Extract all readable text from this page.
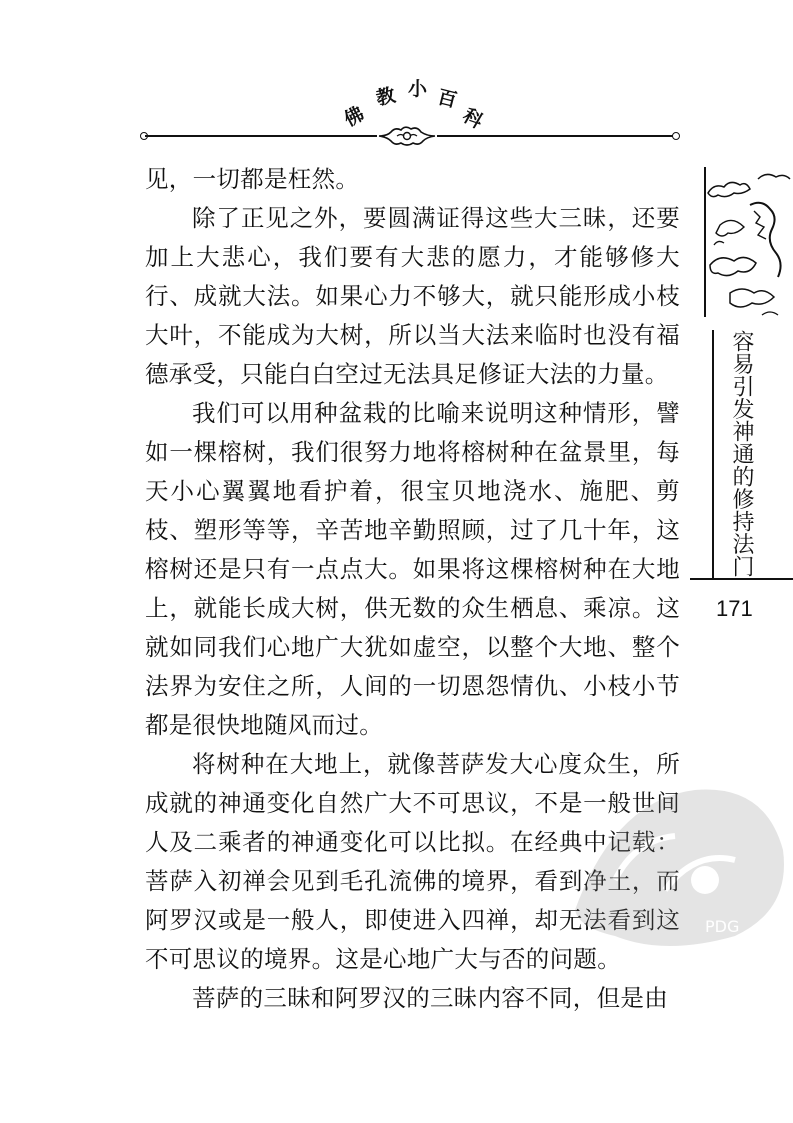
佛
教 小 百
科

见，一切都是枉然。

除了正见之外，要圆满证得这些大三昧，还要加上大悲心，我们要有大悲的愿力，才能够修大行、成就大法。如果心力不够大，就只能形成小枝大叶，不能成为大树，所以当大法来临时也没有福德承受，只能白白空过无法具足修证大法的力量。

我们可以用种盆栽的比喻来说明这种情形，譬如一棵榕树，我们很努力地将榕树种在盆景里，每天小心翼翼地看护着，很宝贝地浇水、施肥、剪枝、塑形等等，辛苦地辛勤照顾，过了几十年，这榕树还是只有一点点大。如果将这棵榕树种在大地上，就能长成大树，供无数的众生栖息、乘凉。这就如同我们心地广大犹如虚空，以整个大地、整个法界为安住之所，人间的一切恩怨情仇、小枝小节都是很快地随风而过。

将树种在大地上，就像菩萨发大心度众生，所成就的神通变化自然广大不可思议，不是一般世间人及二乘者的神通变化可以比拟。在经典中记载：菩萨入初禅会见到毛孔流佛的境界，看到净土，而阿罗汉或是一般人，即使进入四禅，却无法看到这不可思议的境界。这是心地广大与否的问题。

菩萨的三昧和阿罗汉的三昧内容不同，但是由

容易引发神通的修持法门
171
PDG
